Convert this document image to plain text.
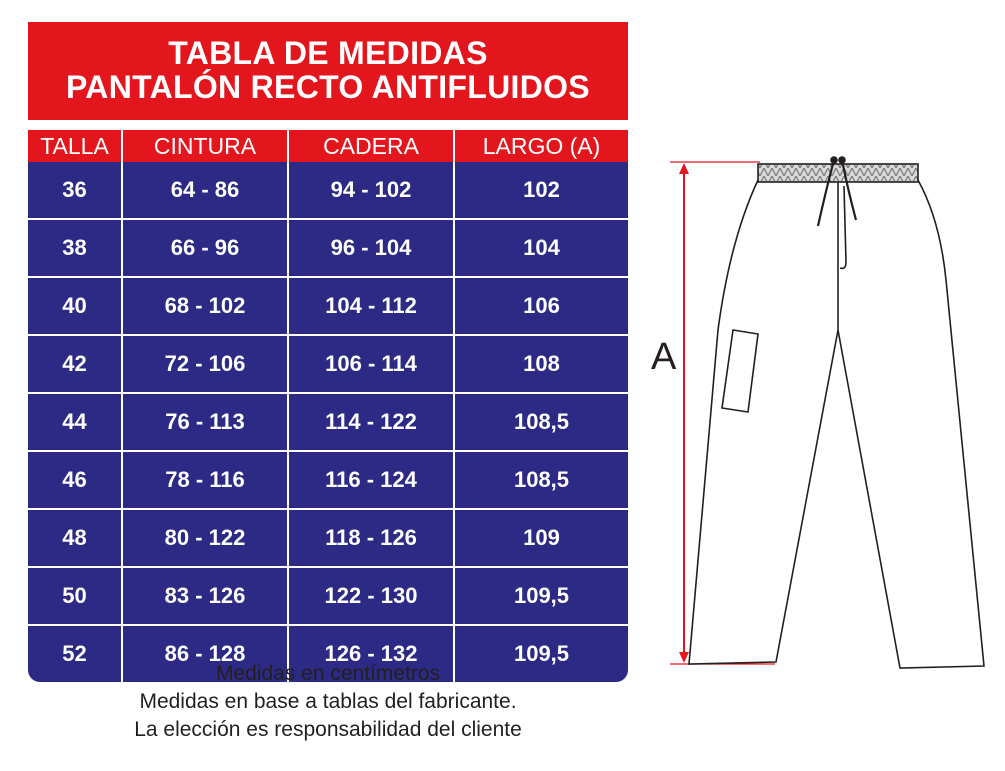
TABLA DE MEDIDAS
PANTALÓN RECTO ANTIFLUIDOS
TALLA	CINTURA	CADERA	LARGO (A)
36	64 - 86	94 - 102	102
38	66 - 96	96 - 104	104
40	68 - 102	104 - 112	106
42	72 - 106	106 - 114	108
44	76 - 113	114 - 122	108,5
46	78 - 116	116 - 124	108,5
48	80 - 122	118 - 126	109
50	83 - 126	122 - 130	109,5
52	86 - 128	126 - 132	109,5
Medidas en centímetros
Medidas en base a tablas del fabricante.
La elección es responsabilidad del cliente
A
